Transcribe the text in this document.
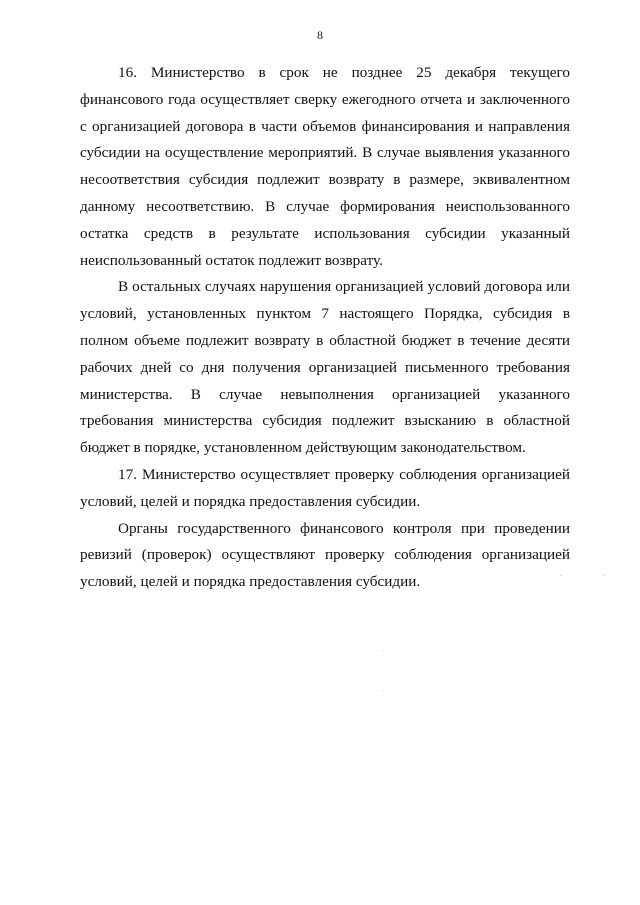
8

16. Министерство в срок не позднее 25 декабря текущего финансового года осуществляет сверку ежегодного отчета и заключенного с организацией договора в части объемов финансирования и направления субсидии на осуществление мероприятий. В случае выявления указанного несоответствия субсидия подлежит возврату в размере, эквивалентном данному несоответствию. В случае формирования неиспользованного остатка средств в результате использования субсидии указанный неиспользованный остаток подлежит возврату.

В остальных случаях нарушения организацией условий договора или условий, установленных пунктом 7 настоящего Порядка, субсидия в полном объеме подлежит возврату в областной бюджет в течение десяти рабочих дней со дня получения организацией письменного требования министерства. В случае невыполнения организацией указанного требования министерства субсидия подлежит взысканию в областной бюджет в порядке, установленном действующим законодательством.

17. Министерство осуществляет проверку соблюдения организацией условий, целей и порядка предоставления субсидии.

Органы государственного финансового контроля при проведении ревизий (проверок) осуществляют проверку соблюдения организацией условий, целей и порядка предоставления субсидии.
